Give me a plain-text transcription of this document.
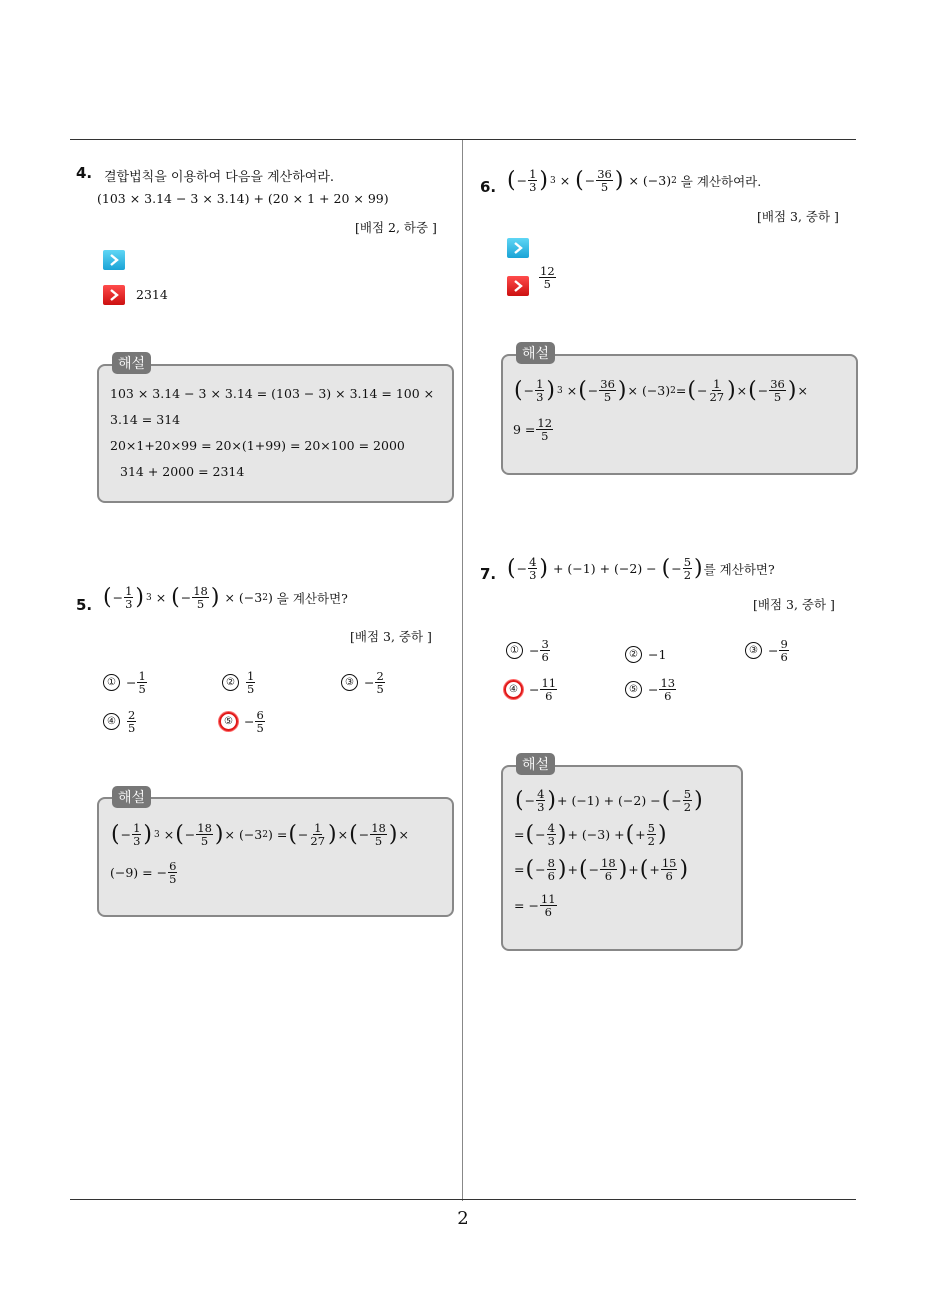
2
4. 결합법칙을 이용하여 다음을 계산하여라.
(103 × 3.14 − 3 × 3.14) + (20 × 1 + 20 × 99)
[배점 2, 하중 ]
2314
해설
103 × 3.14 − 3 × 3.14 = (103 − 3) × 3.14 = 100 ×
3.14 = 314
20×1+20×99 = 20×(1+99) = 20×100 = 2000
314 + 2000 = 2314
5. ( − $\frac{1}{3}$ ) 3 × ( − $\frac{18}{5}$ ) × (−3 2 ) 을 계산하면?
[배점 3, 중하 ]
① − $\frac{1}{5}$	② $\frac{1}{5}$	③ − $\frac{2}{5}$
④ $\frac{2}{5}$	⑤ − $\frac{6}{5}$
해설
( − $\frac{1}{3}$ ) 3 × ( − $\frac{18}{5}$ ) × (−3 2 ) = ( − $\frac{1}{27}$ ) × ( − $\frac{18}{5}$ ) ×
(−9) = − $\frac{6}{5}$
6. ( − $\frac{1}{3}$ ) 3 × ( − $\frac{36}{5}$ ) × (−3) 2
을 계산하여라.
[배점 3, 중하 ]
$\frac{12}{5}$
해설
( − $\frac{1}{3}$ ) 3 × ( − $\frac{36}{5}$ ) × (−3) 2 = ( − $\frac{1}{27}$ ) × ( − $\frac{36}{5}$ ) ×
$9 = \frac{12}{5}$
7. ( − $\frac{4}{3}$ ) + (−1) + (−2) − ( − $\frac{5}{2}$ ) 를 계산하면?
[배점 3, 중하 ]
① − $\frac{3}{6}$	② −1	③ − $\frac{9}{6}$
④ − $\frac{11}{6}$	⑤ − $\frac{13}{6}$
해설
( − $\frac{4}{3}$ ) + (−1) + (−2) − ( − $\frac{5}{2}$ )
= ( − $\frac{4}{3}$ ) + (−3) + ( + $\frac{5}{2}$ )
= ( − $\frac{8}{6}$ ) + ( − $\frac{18}{6}$ ) + ( + $\frac{15}{6}$ )
= − $\frac{11}{6}$
